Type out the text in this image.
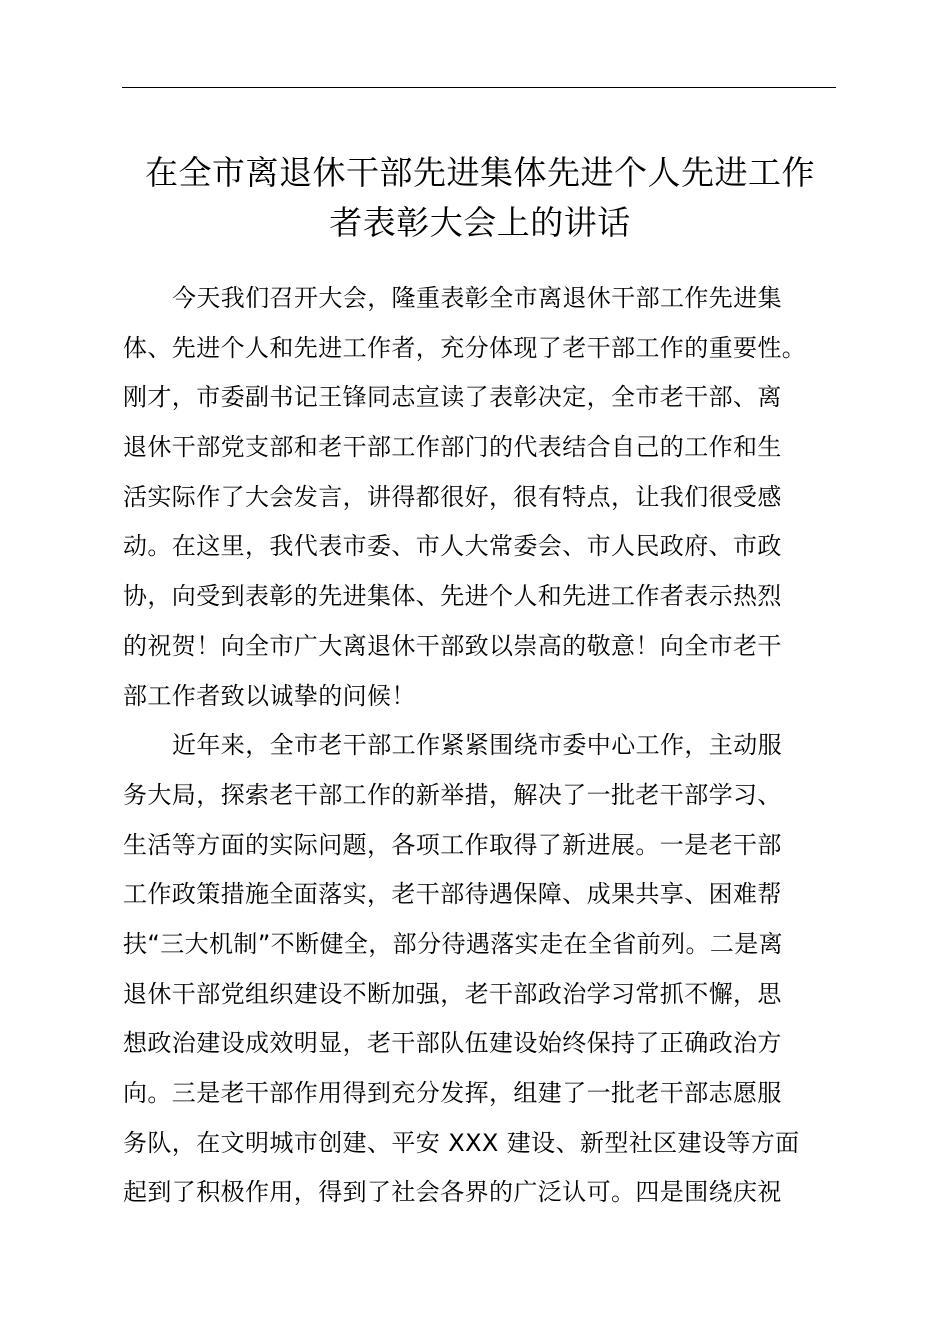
在全市离退休干部先进集体先进个人先进工作
者表彰大会上的讲话
今天我们召开大会，隆重表彰全市离退休干部工作先进集
体、先进个人和先进工作者，充分体现了老干部工作的重要性。
刚才，市委副书记王锋同志宣读了表彰决定，全市老干部、离
退休干部党支部和老干部工作部门的代表结合自己的工作和生
活实际作了大会发言，讲得都很好，很有特点，让我们很受感
动。在这里，我代表市委、市人大常委会、市人民政府、市政
协，向受到表彰的先进集体、先进个人和先进工作者表示热烈
的祝贺！向全市广大离退休干部致以崇高的敬意！向全市老干
部工作者致以诚挚的问候！
近年来，全市老干部工作紧紧围绕市委中心工作，主动服
务大局，探索老干部工作的新举措，解决了一批老干部学习、
生活等方面的实际问题，各项工作取得了新进展。一是老干部
工作政策措施全面落实，老干部待遇保障、成果共享、困难帮
扶“三大机制”不断健全，部分待遇落实走在全省前列。二是离
退休干部党组织建设不断加强，老干部政治学习常抓不懈，思
想政治建设成效明显，老干部队伍建设始终保持了正确政治方
向。三是老干部作用得到充分发挥，组建了一批老干部志愿服
务队，在文明城市创建、平安 XXX 建设、新型社区建设等方面
起到了积极作用，得到了社会各界的广泛认可。四是围绕庆祝
